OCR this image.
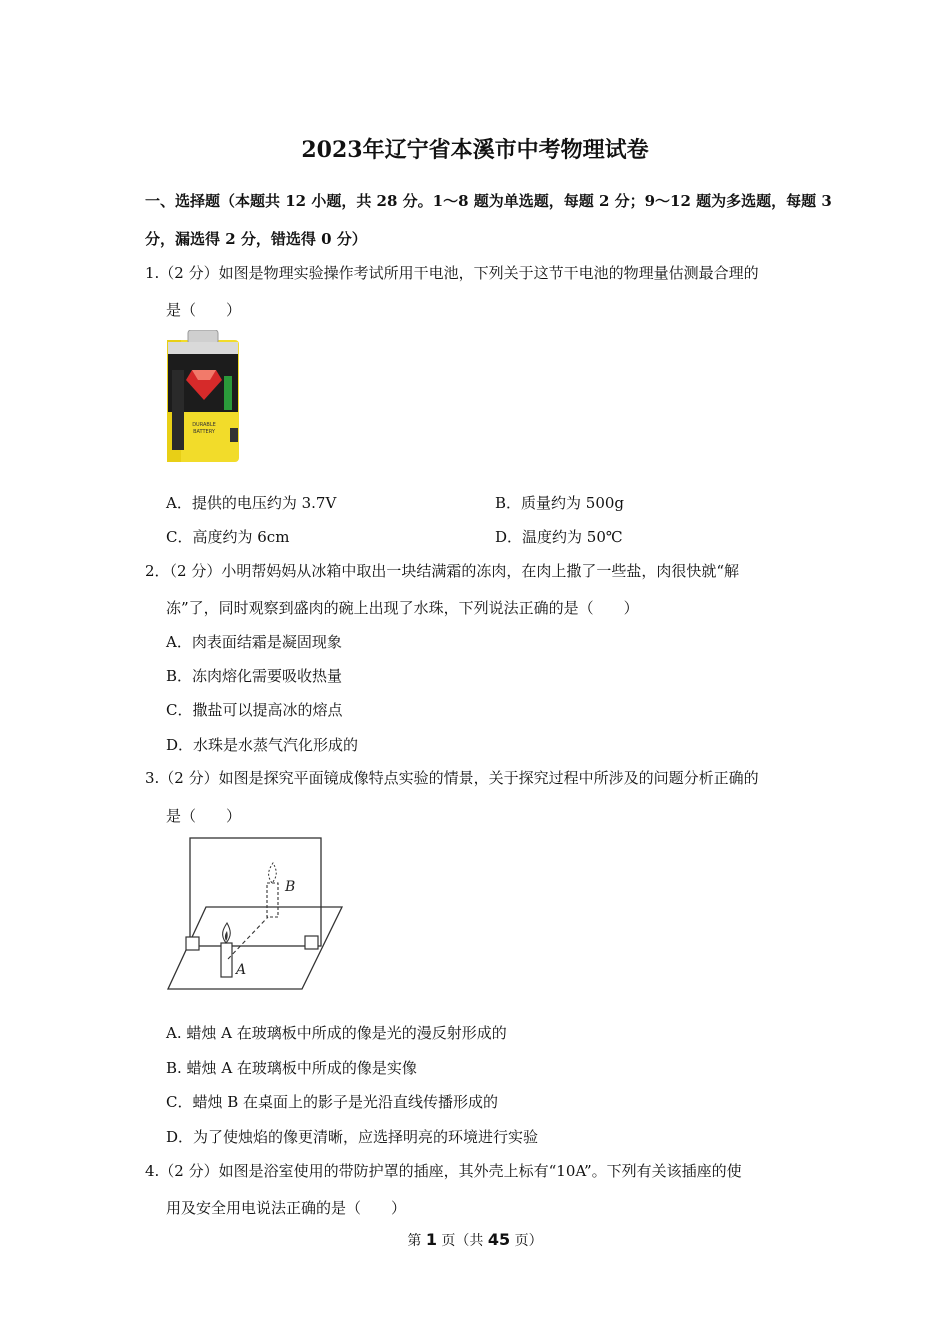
2023年辽宁省本溪市中考物理试卷
一、选择题（本题共 12 小题，共 28 分。1～8 题为单选题，每题 2 分；9～12 题为多选题，每题 3
分，漏选得 2 分，错选得 0 分）
1.（2 分）如图是物理实验操作考试所用干电池，下列关于这节干电池的物理量估测最合理的
是（　　）
DURABLE
BATTERY
A．提供的电压约为 3.7V	B．质量约为 500g
C．高度约为 6cm	D．温度约为 50℃
2．（2 分）小明帮妈妈从冰箱中取出一块结满霜的冻肉，在肉上撒了一些盐，肉很快就“解
冻”了，同时观察到盛肉的碗上出现了水珠，下列说法正确的是（　　）
A．肉表面结霜是凝固现象
B．冻肉熔化需要吸收热量
C．撒盐可以提高冰的熔点
D．水珠是水蒸气汽化形成的
3.（2 分）如图是探究平面镜成像特点实验的情景，关于探究过程中所涉及的问题分析正确的
是（　　）
B
A
A. 蜡烛 A 在玻璃板中所成的像是光的漫反射形成的
B. 蜡烛 A 在玻璃板中所成的像是实像
C．蜡烛 B 在桌面上的影子是光沿直线传播形成的
D．为了使烛焰的像更清晰，应选择明亮的环境进行实验
4.（2 分）如图是浴室使用的带防护罩的插座，其外壳上标有“10A”。下列有关该插座的使
用及安全用电说法正确的是（　　）
第 1 页（共 45 页）
